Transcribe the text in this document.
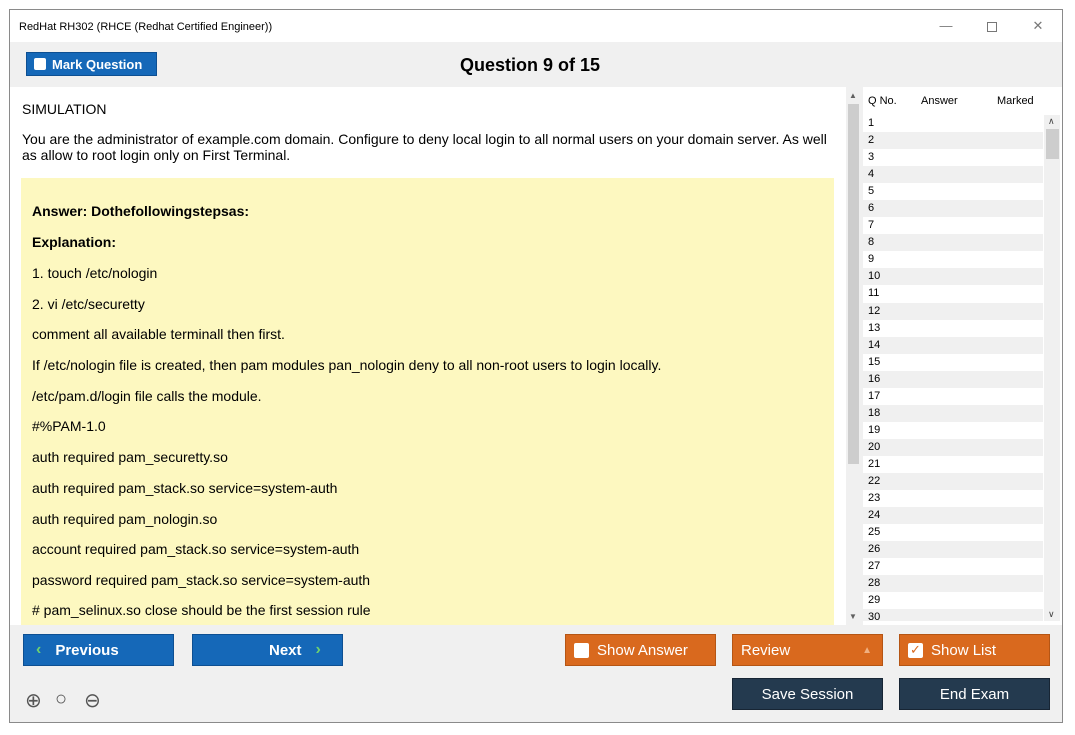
RedHat RH302 (RHCE (Redhat Certified Engineer))	—	✕
Mark Question	Question 9 of 15
SIMULATION
You are the administrator of example.com domain. Configure to deny local login to all normal users on your domain server. As well as allow to root login only on First Terminal.
Answer: Dothefollowingstepsas:
Explanation:
1. touch /etc/nologin
2. vi /etc/securetty
comment all available terminall then first.
If /etc/nologin file is created, then pam modules pan_nologin deny to all non-root users to login locally.
/etc/pam.d/login file calls the module.
#%PAM-1.0
auth required pam_securetty.so
auth required pam_stack.so service=system-auth
auth required pam_nologin.so
account required pam_stack.so service=system-auth
password required pam_stack.so service=system-auth
# pam_selinux.so close should be the first session rule
▲
▼
Q No. Answer	Marked
1
2
3
4
5
6
7
8
9
10
11
12
13
14
15
16
17
18
19
20
21
22
23
24
25
26
27
28
29
30
∧
∨
‹ Previous	Next ›	Show Answer	Review	▲	✓ Show List
⊕ ○ ⊖	Save Session	End Exam
